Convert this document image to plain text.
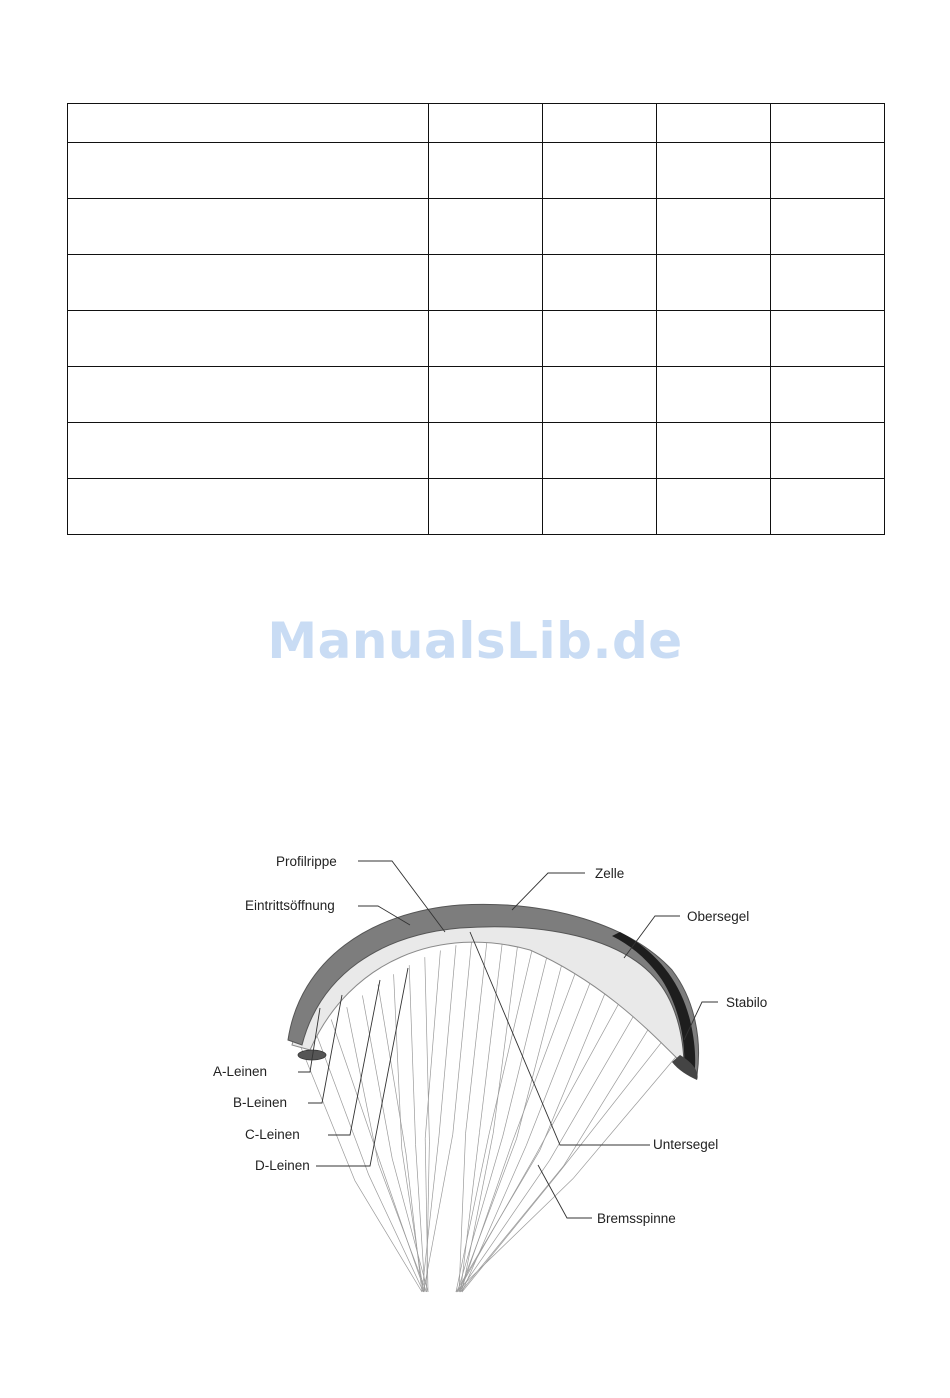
ManualsLib.de
Profilrippe
Eintrittsöffnung
Zelle
Obersegel
Stabilo
A-Leinen
B-Leinen
C-Leinen
D-Leinen
Untersegel
Bremsspinne
